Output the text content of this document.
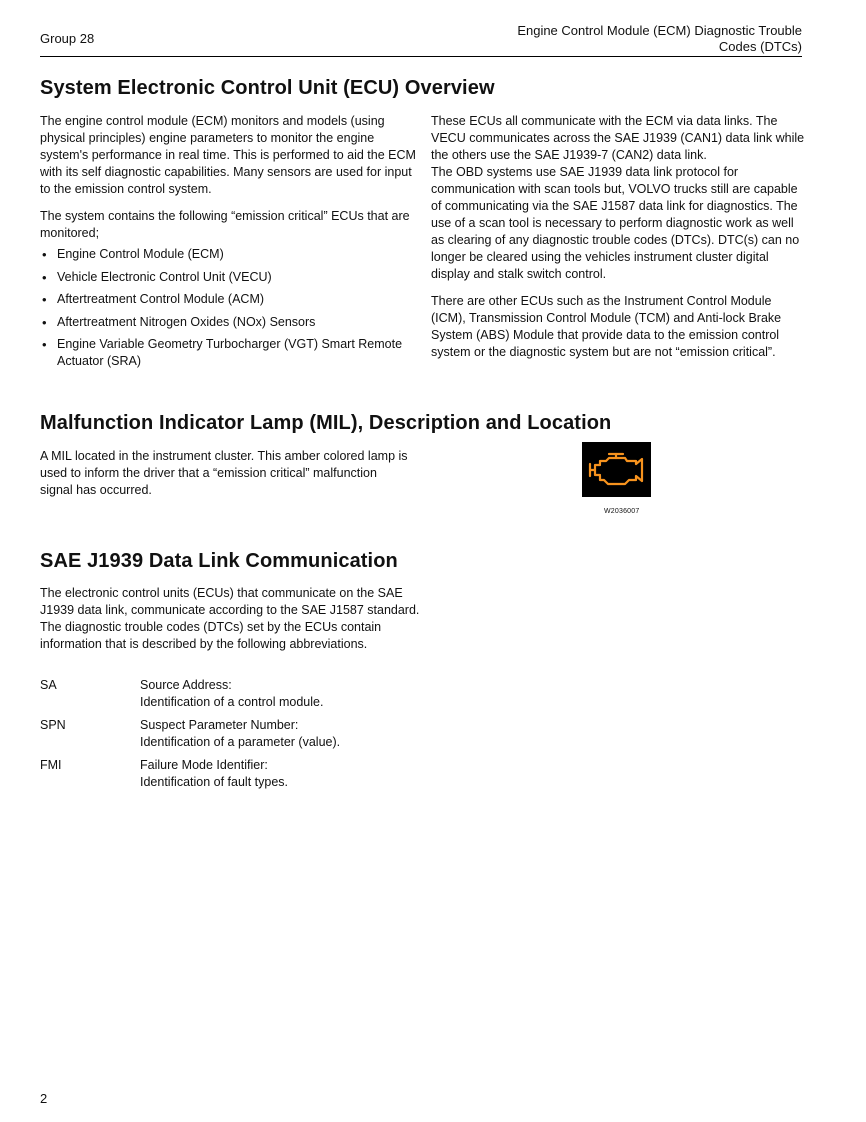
Group 28
Engine Control Module (ECM) Diagnostic Trouble
Codes (DTCs)
System Electronic Control Unit (ECU) Overview

The engine control module (ECM) monitors and models (using physical principles) engine parameters to monitor the engine system's performance in real time. This is performed to aid the ECM with its self diagnostic capabilities. Many sensors are used for input to the emission control system.

The system contains the following “emission critical” ECUs that are monitored;

• Engine Control Module (ECM)
• Vehicle Electronic Control Unit (VECU)
• Aftertreatment Control Module (ACM)
• Aftertreatment Nitrogen Oxides (NOx) Sensors
• Engine Variable Geometry Turbocharger (VGT) Smart Remote Actuator (SRA)

These ECUs all communicate with the ECM via data links. The VECU communicates across the SAE J1939 (CAN1) data link while the others use the SAE J1939-7 (CAN2) data link.

The OBD systems use SAE J1939 data link protocol for communication with scan tools but, VOLVO trucks still are capable of communicating via the SAE J1587 data link for diagnostics. The use of a scan tool is necessary to perform diagnostic work as well as clearing of any diagnostic trouble codes (DTCs). DTC(s) can no longer be cleared using the vehicles instrument cluster digital display and stalk switch control.

There are other ECUs such as the Instrument Control Module (ICM), Transmission Control Module (TCM) and Anti-lock Brake System (ABS) Module that provide data to the emission control system or the diagnostic system but are not “emission critical”.

Malfunction Indicator Lamp (MIL), Description and Location

A MIL located in the instrument cluster. This amber colored lamp is used to inform the driver that a “emission critical” malfunction signal has occurred.

W2036007
SAE J1939 Data Link Communication

The electronic control units (ECUs) that communicate on the SAE J1939 data link, communicate according to the SAE J1587 standard. The diagnostic trouble codes (DTCs) set by the ECUs contain information that is described by the following abbreviations.

SA	Source Address:
Identification of a control module.
SPN	Suspect Parameter Number:
Identification of a parameter (value).
FMI	Failure Mode Identifier:
Identification of fault types.
2
